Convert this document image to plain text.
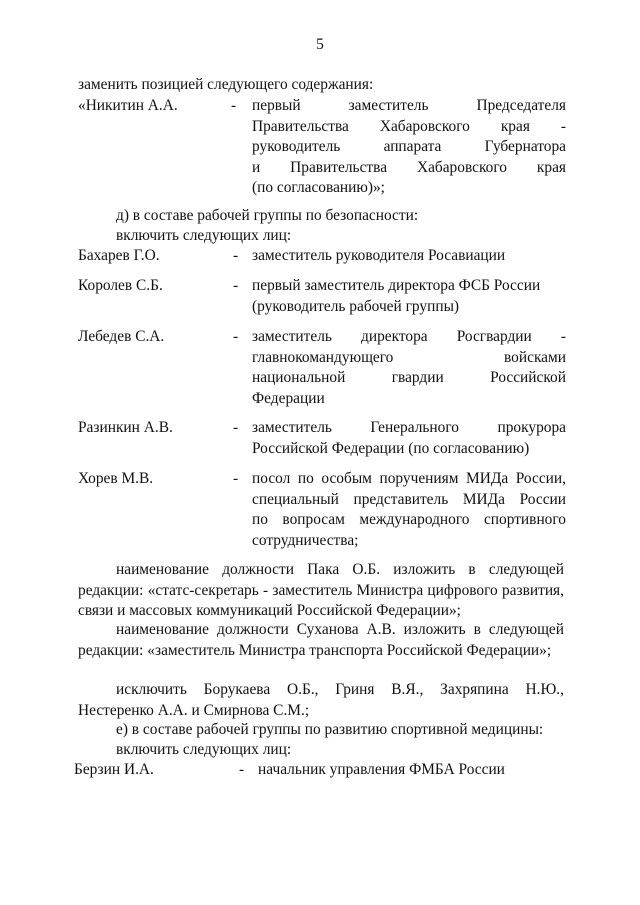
5
заменить позицией следующего содержания:
«Никитин А.А.	- первый заместитель Председателя
Правительства Хабаровского края -
руководитель аппарата Губернатора
и Правительства Хабаровского края
(по согласованию)»;
д) в составе рабочей группы по безопасности:
включить следующих лиц:
Бахарев Г.О.	- заместитель руководителя Росавиации
Королев С.Б.	- первый заместитель директора ФСБ России
(руководитель рабочей группы)
Лебедев С.А.	- заместитель директора Росгвардии -
главнокомандующего войсками
национальной гвардии Российской
Федерации
Разинкин А.В.	- заместитель Генерального прокурора
Российской Федерации (по согласованию)
Хорев М.В.	- посол по особым поручениям МИДа России,
специальный представитель МИДа России
по вопросам международного спортивного
сотрудничества;
наименование должности Пака О.Б. изложить в следующей редакции: «статс-секретарь - заместитель Министра цифрового развития, связи и массовых коммуникаций Российской Федерации»;
наименование должности Суханова А.В. изложить в следующей редакции: «заместитель Министра транспорта Российской Федерации»;
исключить Борукаева О.Б., Гриня В.Я., Захряпина Н.Ю., Нестеренко А.А. и Смирнова С.М.;
е) в составе рабочей группы по развитию спортивной медицины:
включить следующих лиц:
Берзин И.А.	- начальник управления ФМБА России
